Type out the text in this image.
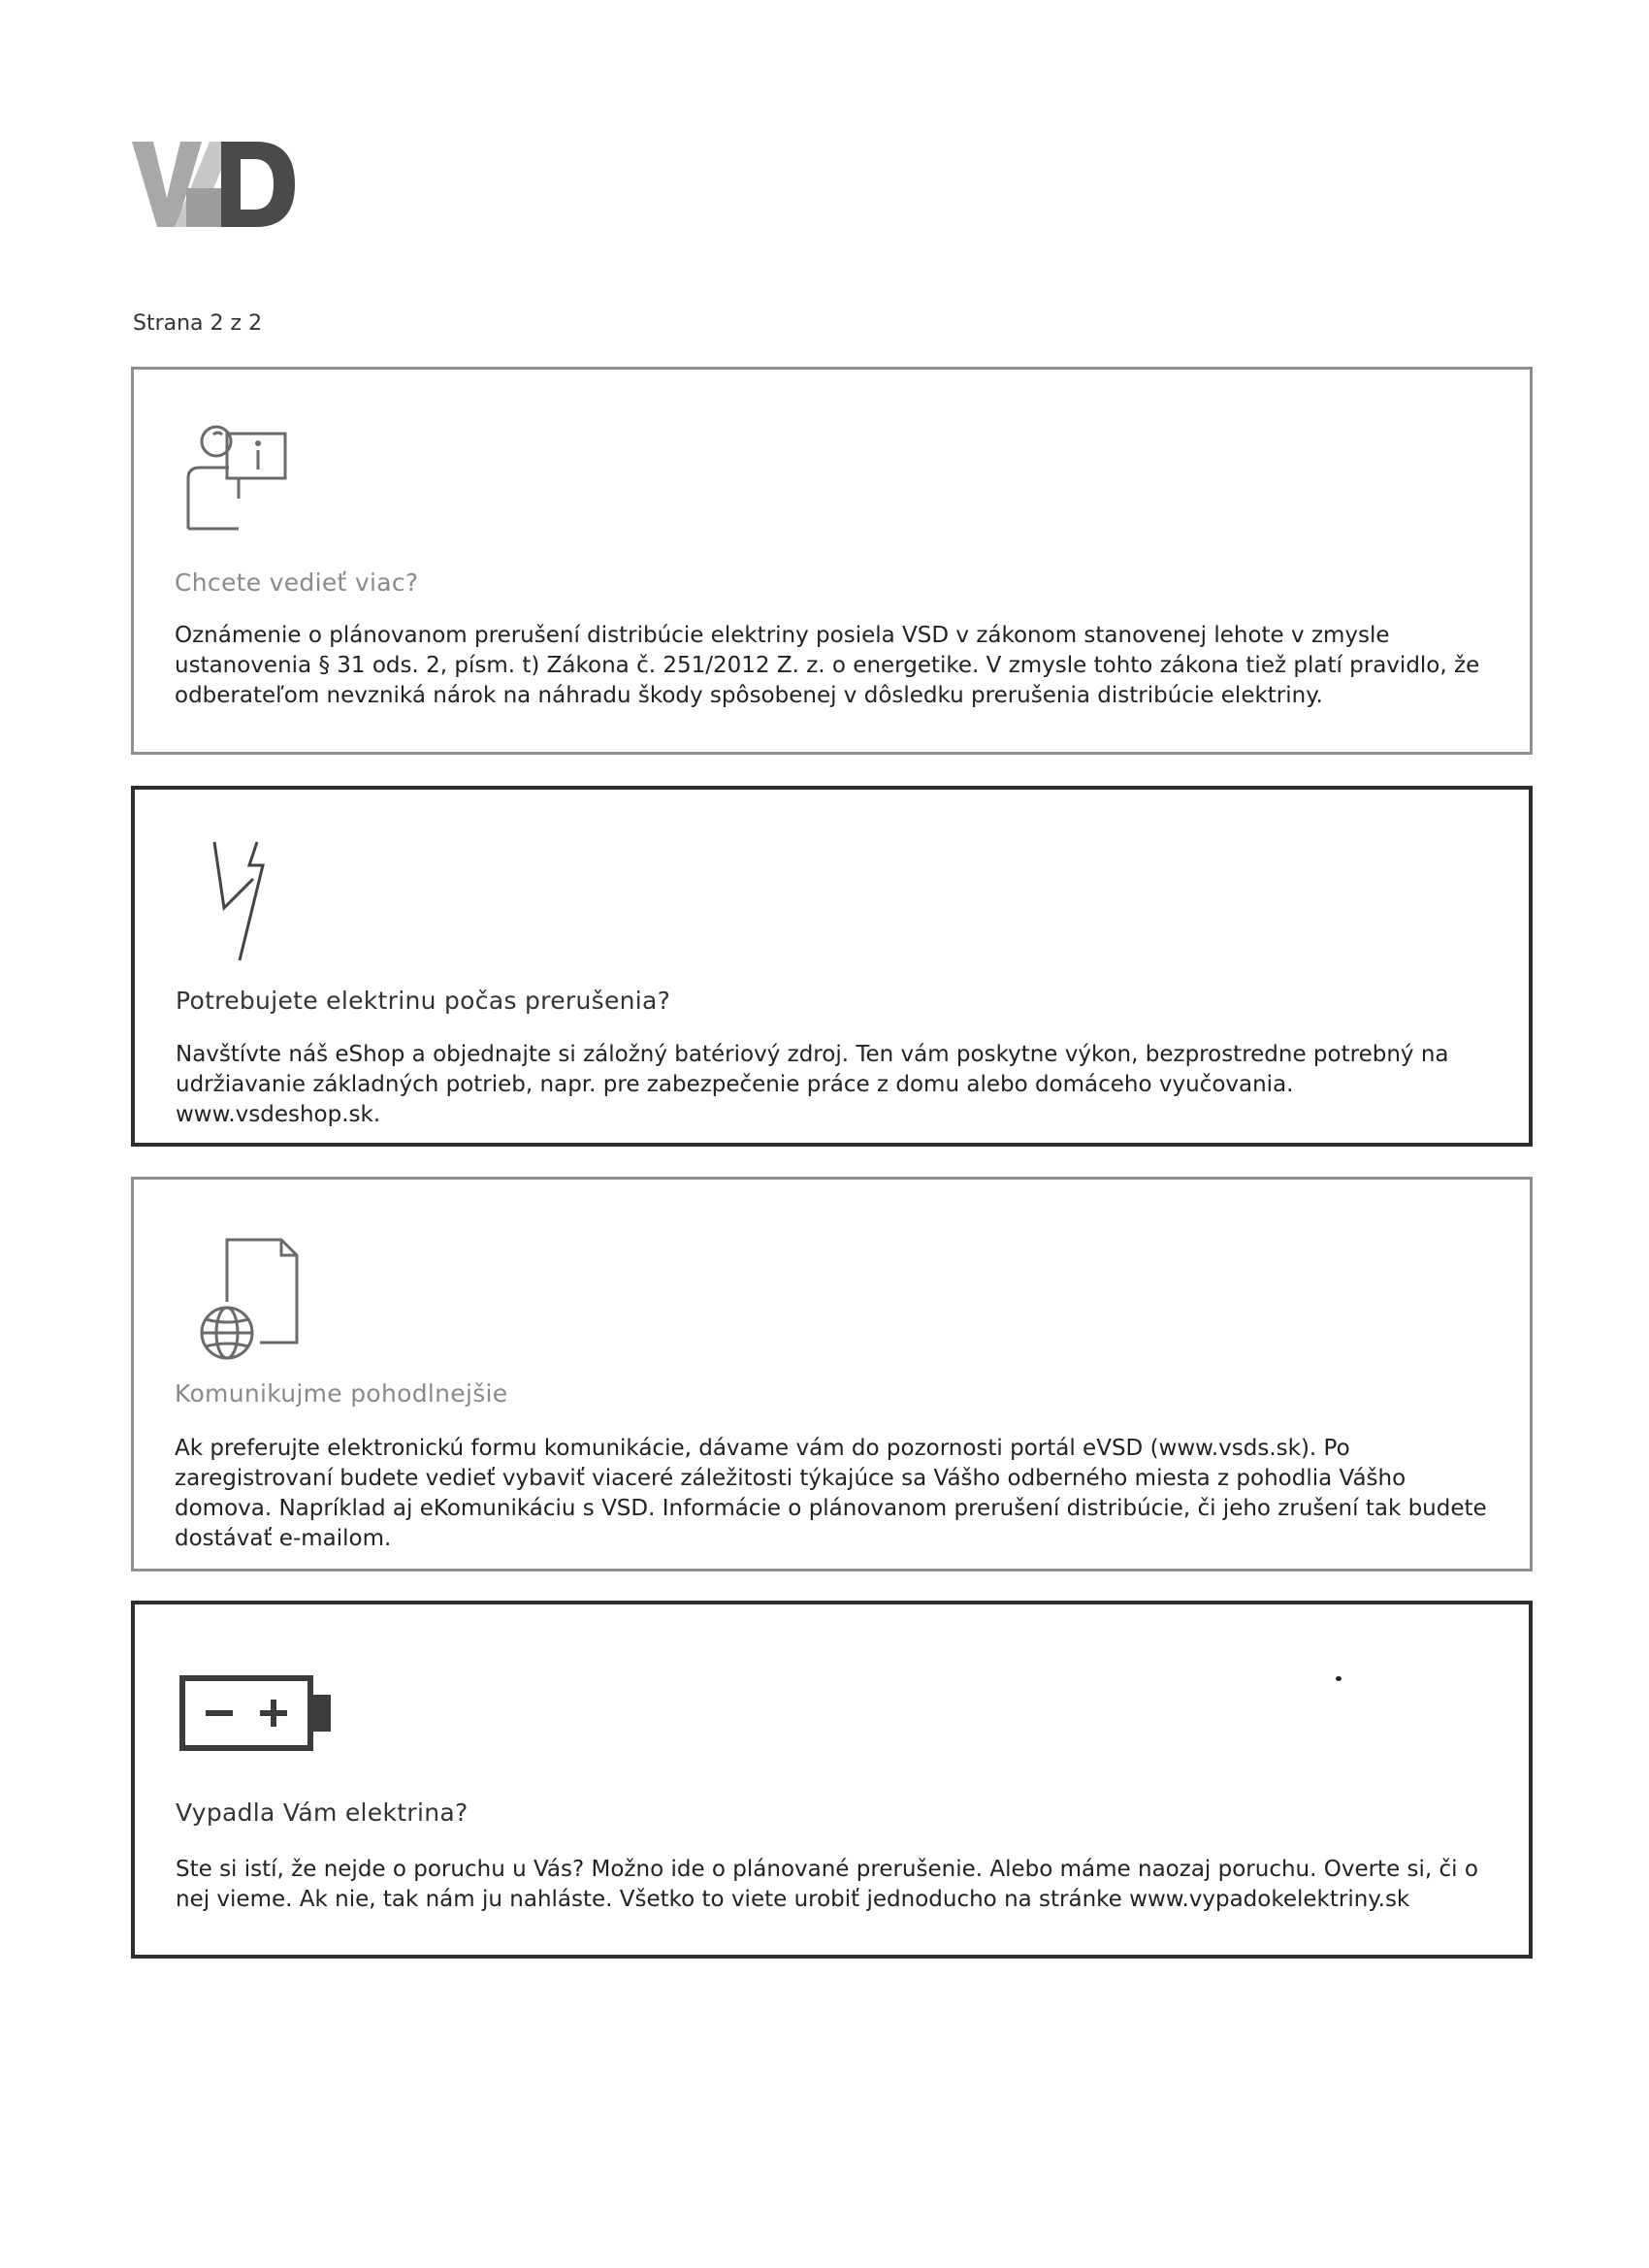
Strana 2 z 2
Chcete vedieť viac?
Oznámenie o plánovanom prerušení distribúcie elektriny posiela VSD v zákonom stanovenej lehote v zmysle ustanovenia § 31 ods. 2, písm. t) Zákona č. 251/2012 Z. z. o energetike. V zmysle tohto zákona tiež platí pravidlo, že odberateľom nevzniká nárok na náhradu škody spôsobenej v dôsledku prerušenia distribúcie elektriny.
Potrebujete elektrinu počas prerušenia?
Navštívte náš eShop a objednajte si záložný batériový zdroj. Ten vám poskytne výkon, bezprostredne potrebný na udržiavanie základných potrieb, napr. pre zabezpečenie práce z domu alebo domáceho vyučovania. www.vsdeshop.sk.
Komunikujme pohodlnejšie
Ak preferujte elektronickú formu komunikácie, dávame vám do pozornosti portál eVSD (www.vsds.sk). Po zaregistrovaní budete vedieť vybaviť viaceré záležitosti týkajúce sa Vášho odberného miesta z pohodlia Vášho domova. Napríklad aj eKomunikáciu s VSD. Informácie o plánovanom prerušení distribúcie, či jeho zrušení tak budete dostávať e-mailom.
Vypadla Vám elektrina?
Ste si istí, že nejde o poruchu u Vás? Možno ide o plánované prerušenie. Alebo máme naozaj poruchu. Overte si, či o nej vieme. Ak nie, tak nám ju nahláste. Všetko to viete urobiť jednoducho na stránke www.vypadokelektriny.sk
